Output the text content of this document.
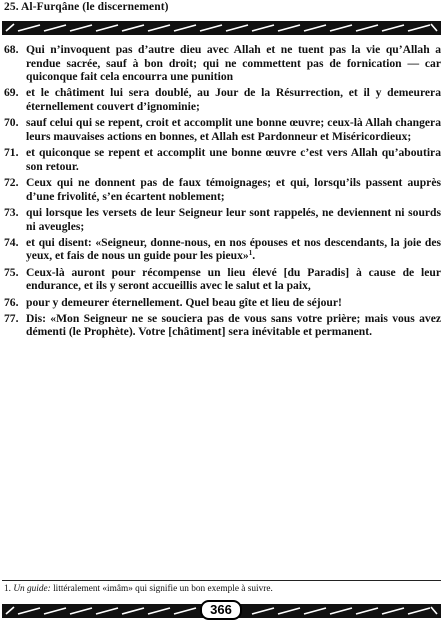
25. Al-Furqâne (le discernement)
68. Qui n’invoquent pas d’autre dieu avec Allah et ne tuent pas la vie qu’Allah a rendue sacrée, sauf à bon droit; qui ne commettent pas de fornication — car quiconque fait cela encourra une punition
69. et le châtiment lui sera doublé, au Jour de la Résurrection, et il y demeurera éternellement couvert d’ignominie;
70. sauf celui qui se repent, croit et accomplit une bonne œuvre; ceux-là Allah changera leurs mauvaises actions en bonnes, et Allah est Pardonneur et Miséricordieux;
71. et quiconque se repent et accomplit une bonne œuvre c’est vers Allah qu’aboutira son retour.
72. Ceux qui ne donnent pas de faux témoignages; et qui, lorsqu’ils passent auprès d’une frivolité, s’en écartent noblement;
73. qui lorsque les versets de leur Seigneur leur sont rappelés, ne deviennent ni sourds ni aveugles;
74. et qui disent: «Seigneur, donne-nous, en nos épouses et nos descendants, la joie des yeux, et fais de nous un guide pour les pieux»$^1$.
75. Ceux-là auront pour récompense un lieu élevé [du Paradis] à cause de leur endurance, et ils y seront accueillis avec le salut et la paix,
76. pour y demeurer éternellement. Quel beau gîte et lieu de séjour!
77. Dis: «Mon Seigneur ne se souciera pas de vous sans votre prière; mais vous avez démenti (le Prophète). Votre [châtiment] sera inévitable et permanent.
1. Un guide: littéralement «imâm» qui signifie un bon exemple à suivre.
366
